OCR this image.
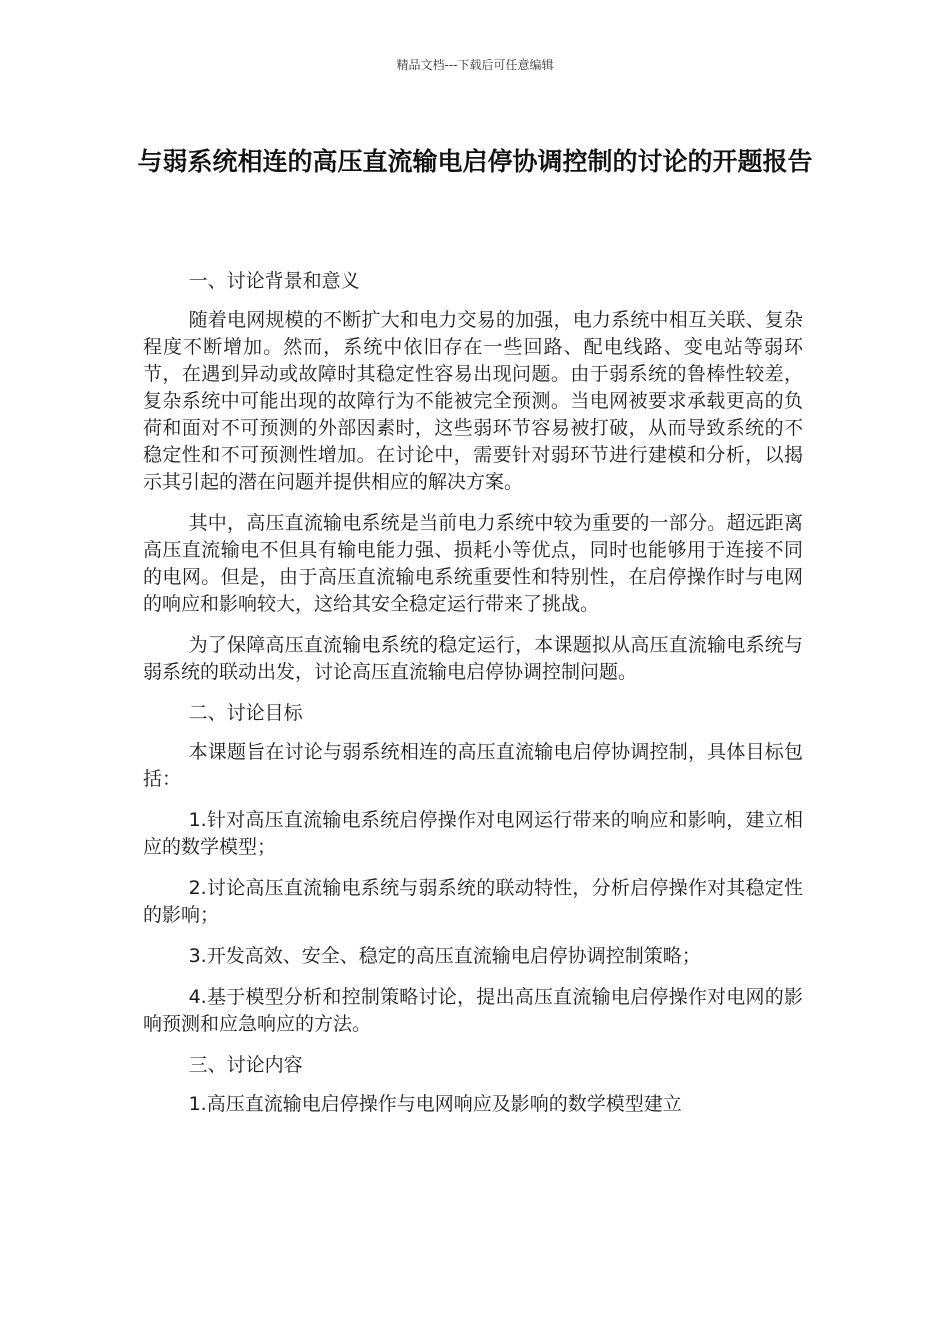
精品文档---下载后可任意编辑
与弱系统相连的高压直流输电启停协调控制的讨论的开题报告

一、讨论背景和意义

随着电网规模的不断扩大和电力交易的加强，电力系统中相互关联、复杂程度不断增加。然而，系统中依旧存在一些回路、配电线路、变电站等弱环节，在遇到异动或故障时其稳定性容易出现问题。由于弱系统的鲁棒性较差，复杂系统中可能出现的故障行为不能被完全预测。当电网被要求承载更高的负荷和面对不可预测的外部因素时，这些弱环节容易被打破，从而导致系统的不稳定性和不可预测性增加。在讨论中，需要针对弱环节进行建模和分析，以揭示其引起的潜在问题并提供相应的解决方案。

其中，高压直流输电系统是当前电力系统中较为重要的一部分。超远距离高压直流输电不但具有输电能力强、损耗小等优点，同时也能够用于连接不同的电网。但是，由于高压直流输电系统重要性和特别性，在启停操作时与电网的响应和影响较大，这给其安全稳定运行带来了挑战。

为了保障高压直流输电系统的稳定运行，本课题拟从高压直流输电系统与弱系统的联动出发，讨论高压直流输电启停协调控制问题。

二、讨论目标

本课题旨在讨论与弱系统相连的高压直流输电启停协调控制，具体目标包括：

1.针对高压直流输电系统启停操作对电网运行带来的响应和影响，建立相应的数学模型；

2.讨论高压直流输电系统与弱系统的联动特性，分析启停操作对其稳定性的影响；

3.开发高效、安全、稳定的高压直流输电启停协调控制策略；

4.基于模型分析和控制策略讨论，提出高压直流输电启停操作对电网的影响预测和应急响应的方法。

三、讨论内容

1.高压直流输电启停操作与电网响应及影响的数学模型建立
